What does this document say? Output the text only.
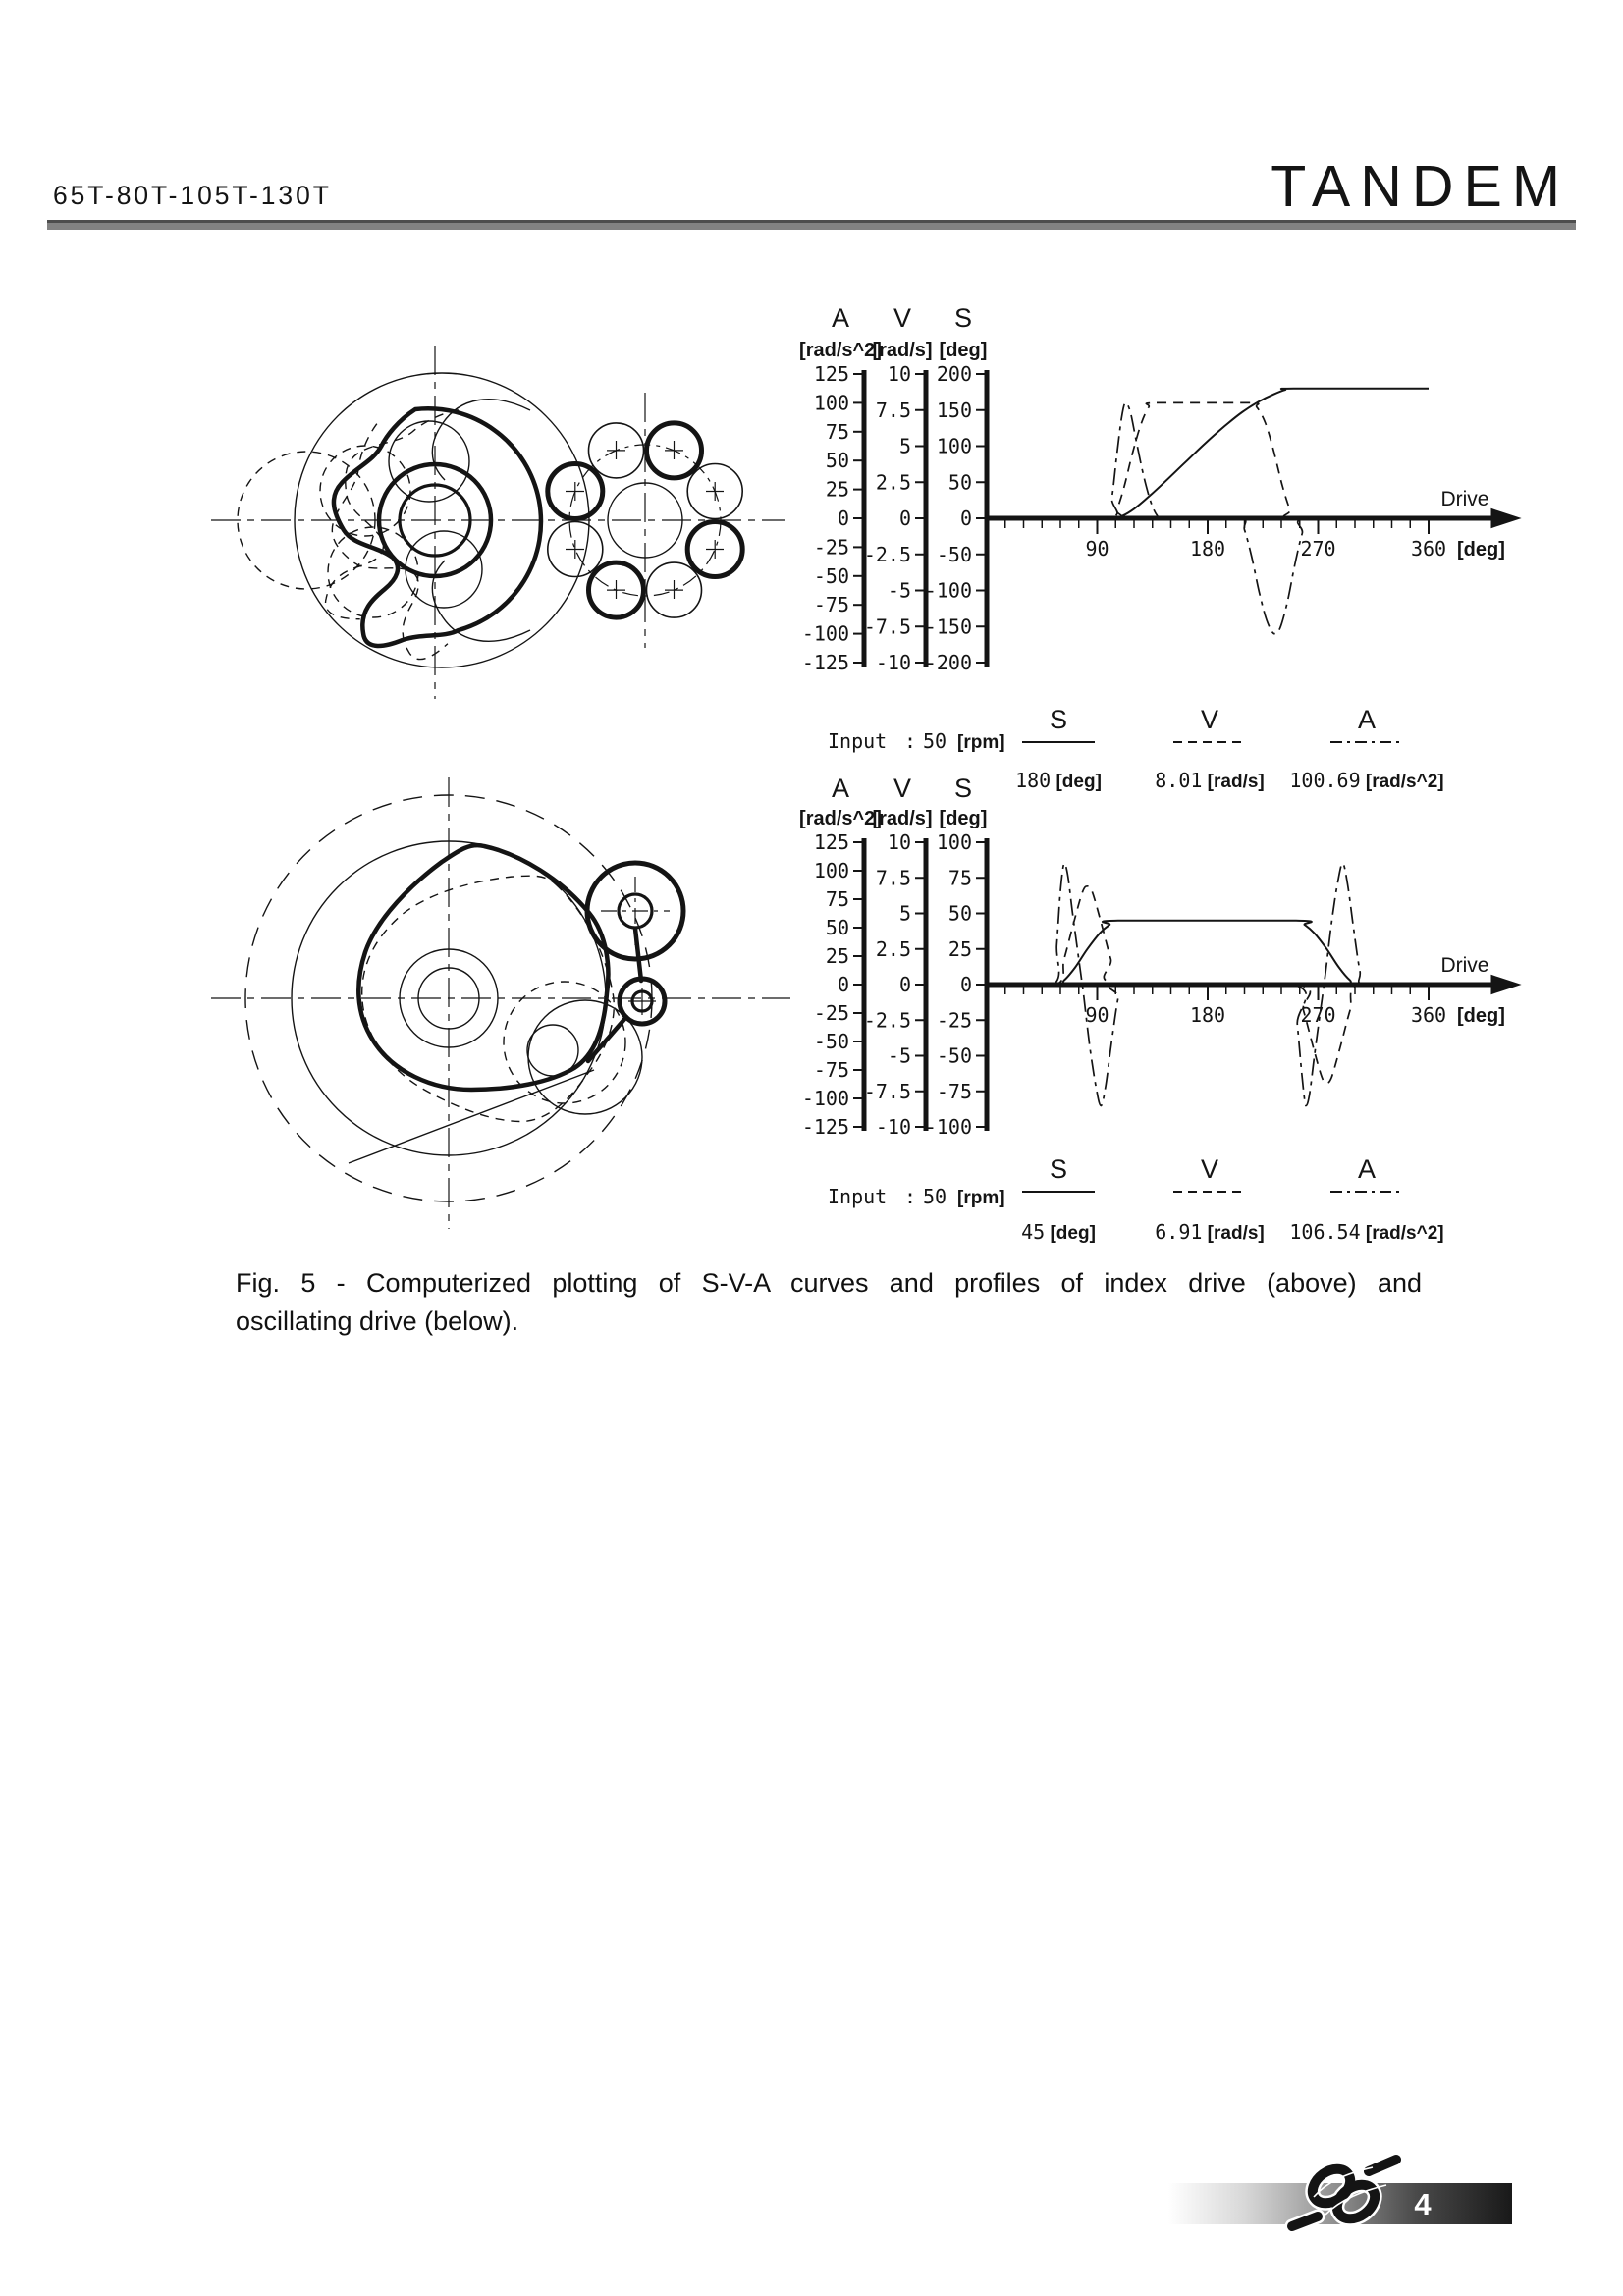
65T-80T-105T-130T	TANDEM
A
[rad/s^2]
125
100
75
50
25
0
-25
-50
-75
-100
-125
V
[rad/s]
10
7.5
5
2.5
0
-2.5
-5
-7.5
-10
S
[deg]
200
150
100
50
0
-50
-100
-150
-200
90	180	270	360 [deg]
Drive
S
180 [deg]
V
8.01 [rad/s]
A
100.69 [rad/s^2]
Input : 50 [rpm]
A
[rad/s^2]
125
100
75
50
25
0
-25
-50
-75
-100
-125
V
[rad/s]
10
7.5
5
2.5
0
-2.5
-5
-7.5
-10
S
[deg]
100
75
50
25
0
-25
-50
-75
-100
90	180	270	360 [deg]
Drive
S
45 [deg]
V
6.91 [rad/s]
A
106.54 [rad/s^2]
Input : 50 [rpm]
Fig. 5 - Computerized plotting of S-V-A curves and profiles of index drive (above) and
oscillating drive (below).
4
